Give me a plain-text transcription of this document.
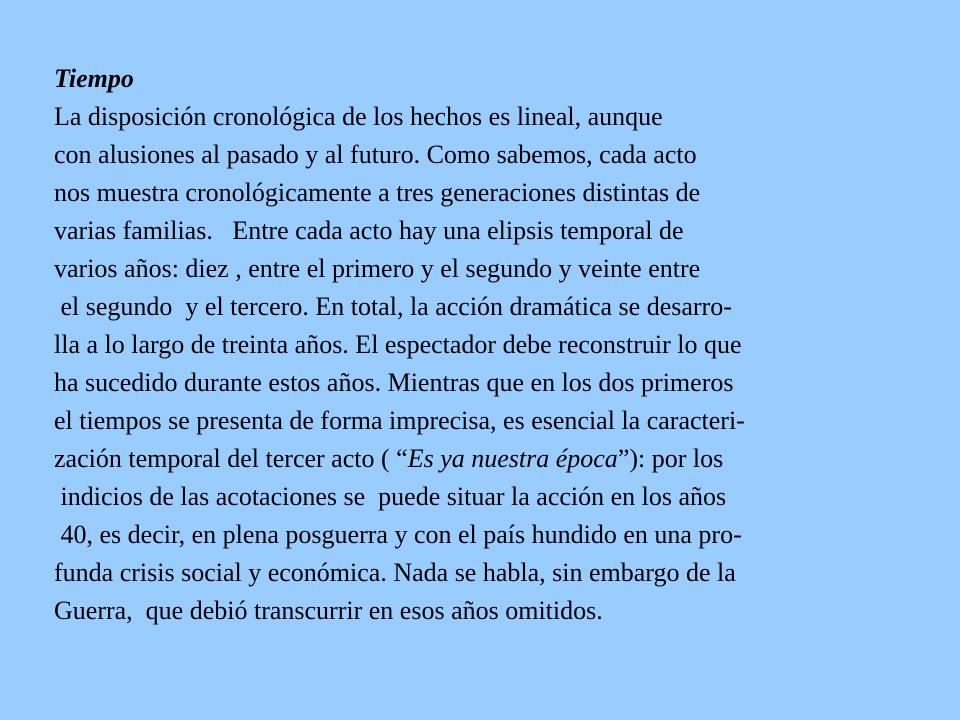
Tiempo
La disposición cronológica de los hechos es lineal, aunque
con alusiones al pasado y al futuro. Como sabemos, cada acto
nos muestra cronológicamente a tres generaciones distintas de
varias familias.   Entre cada acto hay una elipsis temporal de
varios años: diez , entre el primero y el segundo y veinte entre
el segundo  y el tercero. En total, la acción dramática se desarro-
lla a lo largo de treinta años. El espectador debe reconstruir lo que
ha sucedido durante estos años. Mientras que en los dos primeros
el tiempos se presenta de forma imprecisa, es esencial la caracteri-
zación temporal del tercer acto ( “Es ya nuestra época”): por los
indicios de las acotaciones se  puede situar la acción en los años
40, es decir, en plena posguerra y con el país hundido en una pro-
funda crisis social y económica. Nada se habla, sin embargo de la
Guerra,  que debió transcurrir en esos años omitidos.
